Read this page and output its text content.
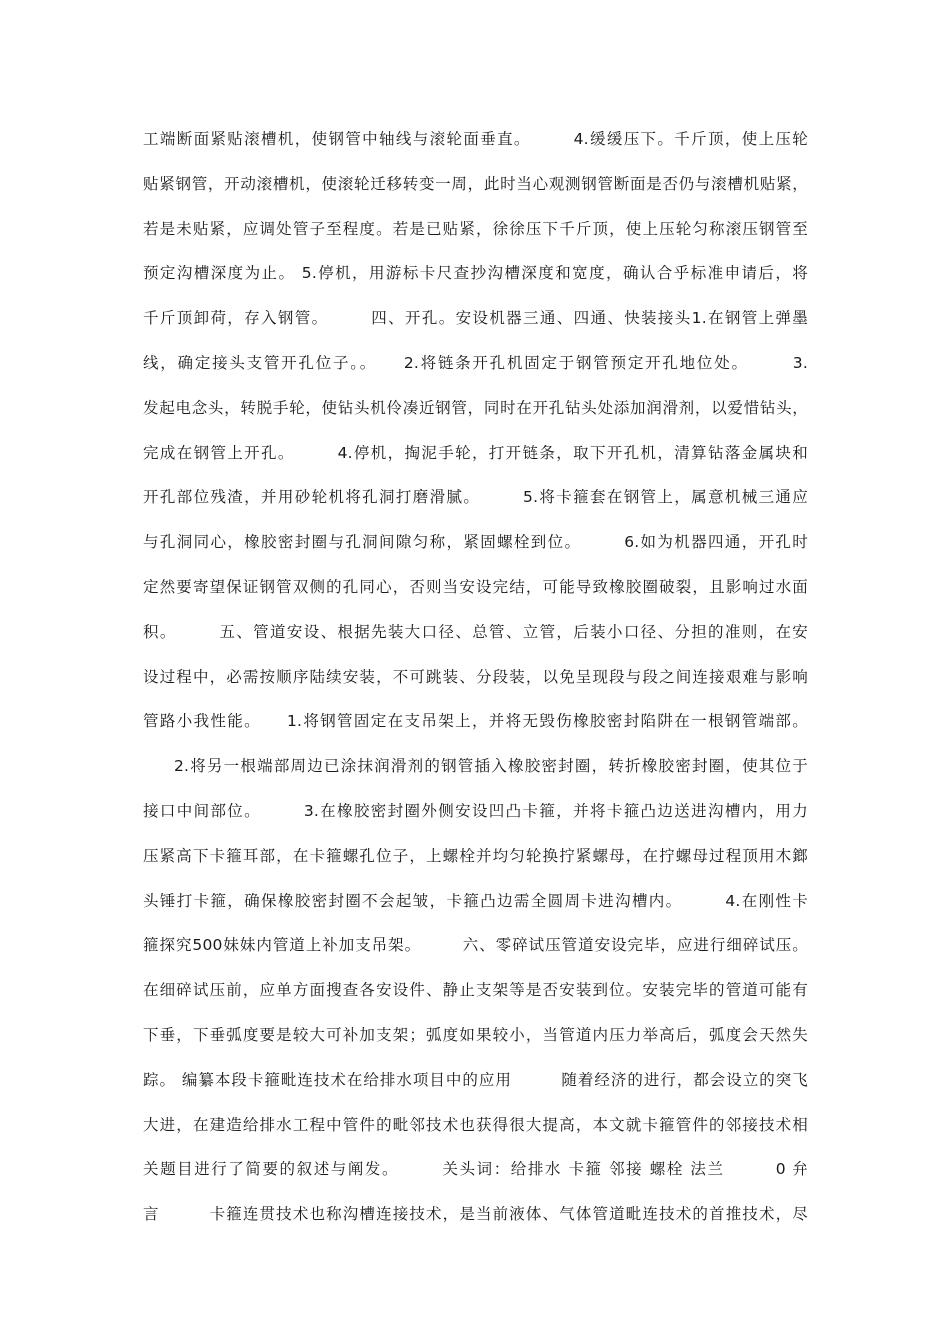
工端断面紧贴滚槽机，使钢管中轴线与滚轮面垂直。　　　4.缓缓压下。千斤顶，使上压轮
贴紧钢管，开动滚槽机，使滚轮迁移转变一周，此时当心观测钢管断面是否仍与滚槽机贴紧，
若是未贴紧，应调处管子至程度。若是已贴紧，徐徐压下千斤顶，使上压轮匀称滚压钢管至
预定沟槽深度为止。 5.停机，用游标卡尺查抄沟槽深度和宽度，确认合乎标准申请后，将
千斤顶卸荷，存入钢管。　　　四、开孔。安设机器三通、四通、快装接头1.在钢管上弹墨
线，确定接头支管开孔位子。。　　2.将链条开孔机固定于钢管预定开孔地位处。　　　3.
发起电念头，转脱手轮，使钻头机伶凑近钢管，同时在开孔钻头处添加润滑剂，以爱惜钻头，
完成在钢管上开孔。　　　4.停机，掏泥手轮，打开链条，取下开孔机，清算钻落金属块和
开孔部位残渣，并用砂轮机将孔洞打磨滑腻。　　　5.将卡箍套在钢管上，属意机械三通应
与孔洞同心，橡胶密封圈与孔洞间隙匀称，紧固螺栓到位。　　　6.如为机器四通，开孔时
定然要寄望保证钢管双侧的孔同心，否则当安设完结，可能导致橡胶圈破裂，且影响过水面
积。　　　五、管道安设、根据先装大口径、总管、立管，后装小口径、分担的准则，在安
设过程中，必需按顺序陆续安装，不可跳装、分段装，以免呈现段与段之间连接艰难与影响
管路小我性能。　　1.将钢管固定在支吊架上，并将无毁伤橡胶密封陷阱在一根钢管端部。
2.将另一根端部周边已涂抹润滑剂的钢管插入橡胶密封圈，转折橡胶密封圈，使其位于
接口中间部位。　　　3.在橡胶密封圈外侧安设凹凸卡箍，并将卡箍凸边送进沟槽内，用力
压紧高下卡箍耳部，在卡箍螺孔位子，上螺栓并均匀轮换拧紧螺母，在拧螺母过程顶用木鎯
头锤打卡箍，确保橡胶密封圈不会起皱，卡箍凸边需全圆周卡进沟槽内。　　　4.在刚性卡
箍探究500妹妹内管道上补加支吊架。　　　六、零碎试压管道安设完毕，应进行细碎试压。
在细碎试压前，应单方面搜查各安设件、静止支架等是否安装到位。安装完毕的管道可能有
下垂，下垂弧度要是较大可补加支架；弧度如果较小，当管道内压力举高后，弧度会天然失
踪。 编纂本段卡箍毗连技术在给排水项目中的应用　　　随着经济的进行，都会设立的突飞
大进，在建造给排水工程中管件的毗邻技术也获得很大提高，本文就卡箍管件的邻接技术相
关题目进行了简要的叙述与阐发。　　　关头词：给排水 卡箍 邻接 螺栓 法兰　　　0 弁
言　　　卡箍连贯技术也称沟槽连接技术，是当前液体、气体管道毗连技术的首推技术，尽
